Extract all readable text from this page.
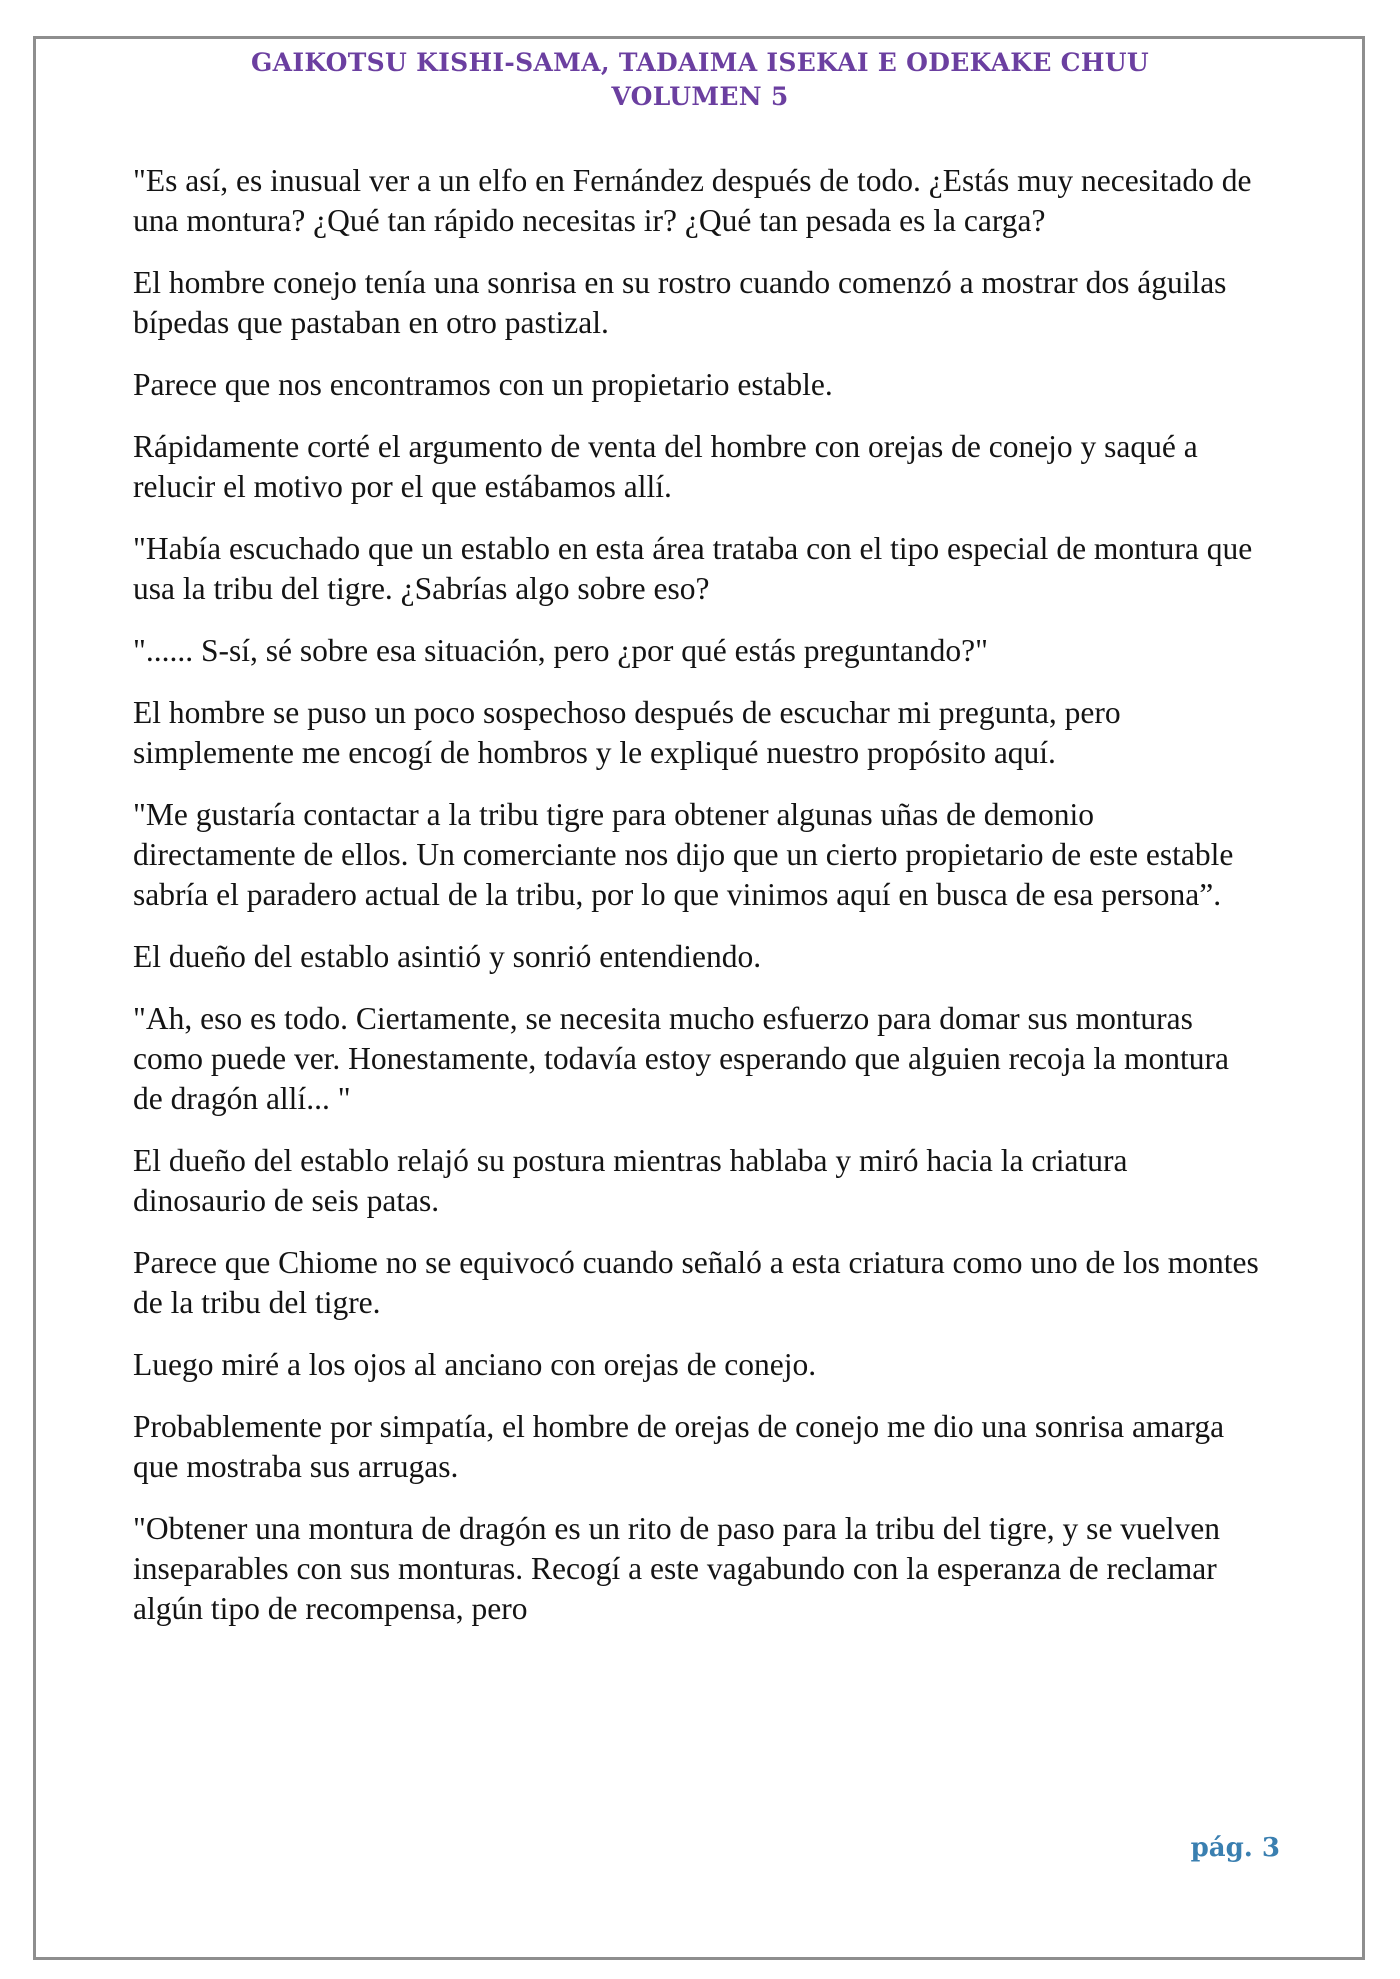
GAIKOTSU KISHI-SAMA, TADAIMA ISEKAI E ODEKAKE CHUU
VOLUMEN 5

"Es así, es inusual ver a un elfo en Fernández después de todo. ¿Estás muy necesitado de una montura? ¿Qué tan rápido necesitas ir? ¿Qué tan pesada es la carga?

El hombre conejo tenía una sonrisa en su rostro cuando comenzó a mostrar dos águilas bípedas que pastaban en otro pastizal.

Parece que nos encontramos con un propietario estable.

Rápidamente corté el argumento de venta del hombre con orejas de conejo y saqué a relucir el motivo por el que estábamos allí.

"Había escuchado que un establo en esta área trataba con el tipo especial de montura que usa la tribu del tigre. ¿Sabrías algo sobre eso?

"...... S-sí, sé sobre esa situación, pero ¿por qué estás preguntando?"

El hombre se puso un poco sospechoso después de escuchar mi pregunta, pero simplemente me encogí de hombros y le expliqué nuestro propósito aquí.

"Me gustaría contactar a la tribu tigre para obtener algunas uñas de demonio directamente de ellos. Un comerciante nos dijo que un cierto propietario de este estable sabría el paradero actual de la tribu, por lo que vinimos aquí en busca de esa persona”.

El dueño del establo asintió y sonrió entendiendo.

"Ah, eso es todo. Ciertamente, se necesita mucho esfuerzo para domar sus monturas como puede ver. Honestamente, todavía estoy esperando que alguien recoja la montura de dragón allí... "

El dueño del establo relajó su postura mientras hablaba y miró hacia la criatura dinosaurio de seis patas.

Parece que Chiome no se equivocó cuando señaló a esta criatura como uno de los montes de la tribu del tigre.

Luego miré a los ojos al anciano con orejas de conejo.

Probablemente por simpatía, el hombre de orejas de conejo me dio una sonrisa amarga que mostraba sus arrugas.

"Obtener una montura de dragón es un rito de paso para la tribu del tigre, y se vuelven inseparables con sus monturas. Recogí a este vagabundo con la esperanza de reclamar algún tipo de recompensa, pero

pág. 3
